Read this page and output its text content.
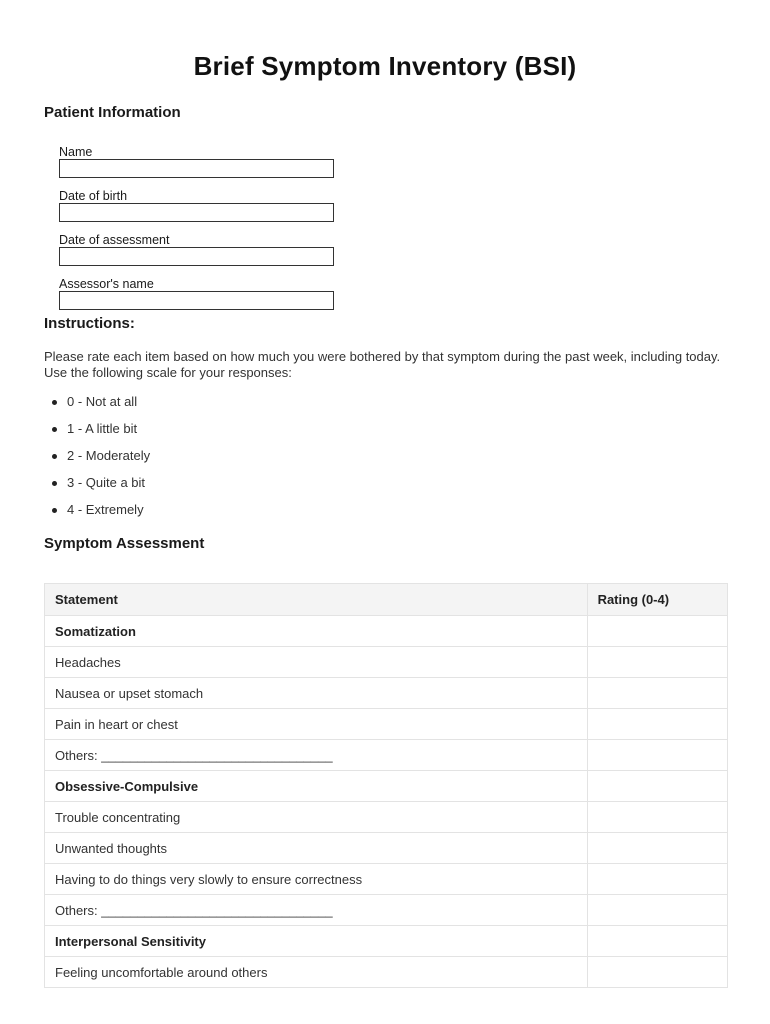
Brief Symptom Inventory (BSI)
Patient Information
Name
Date of birth
Date of assessment
Assessor's name
Instructions:
Please rate each item based on how much you were bothered by that symptom during the past week, including today. Use the following scale for your responses:
0 - Not at all
1 - A little bit
2 - Moderately
3 - Quite a bit
4 - Extremely
Symptom Assessment
Statement	Rating (0-4)
Somatization	
Headaches	
Nausea or upset stomach	
Pain in heart or chest	
Others: ________________________________	
Obsessive-Compulsive	
Trouble concentrating	
Unwanted thoughts	
Having to do things very slowly to ensure correctness	
Others: ________________________________	
Interpersonal Sensitivity	
Feeling uncomfortable around others	
